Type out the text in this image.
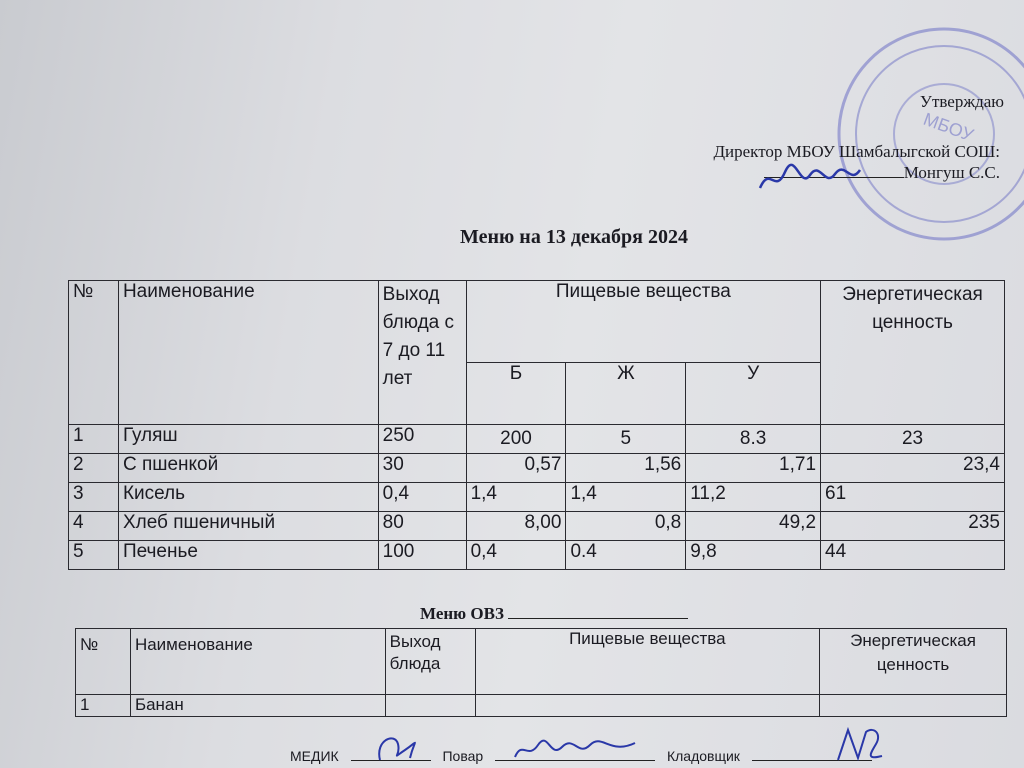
МБОУ
Утверждаю
Директор МБОУ Шамбалыгской СОШ:
Монгуш С.С.
Меню на 13 декабря 2024
№	Наименование	Выход блюда с 7 до 11 лет	Пищевые вещества			Энергетическая ценность
			Б	Ж	У	
1	Гуляш	250	200	5	8.3	23
2	С пшенкой	30	0,57	1,56	1,71	23,4
3	Кисель	0,4	1,4	1,4	11,2	61
4	Хлеб пшеничный	80	8,00	0,8	49,2	235
5	Печенье	100	0,4	0.4	9,8	44
Меню ОВЗ
№	Наименование	Выход блюда	Пищевые вещества	Энергетическая ценность
1	Банан			
МЕДИК	Повар	Кладовщик
